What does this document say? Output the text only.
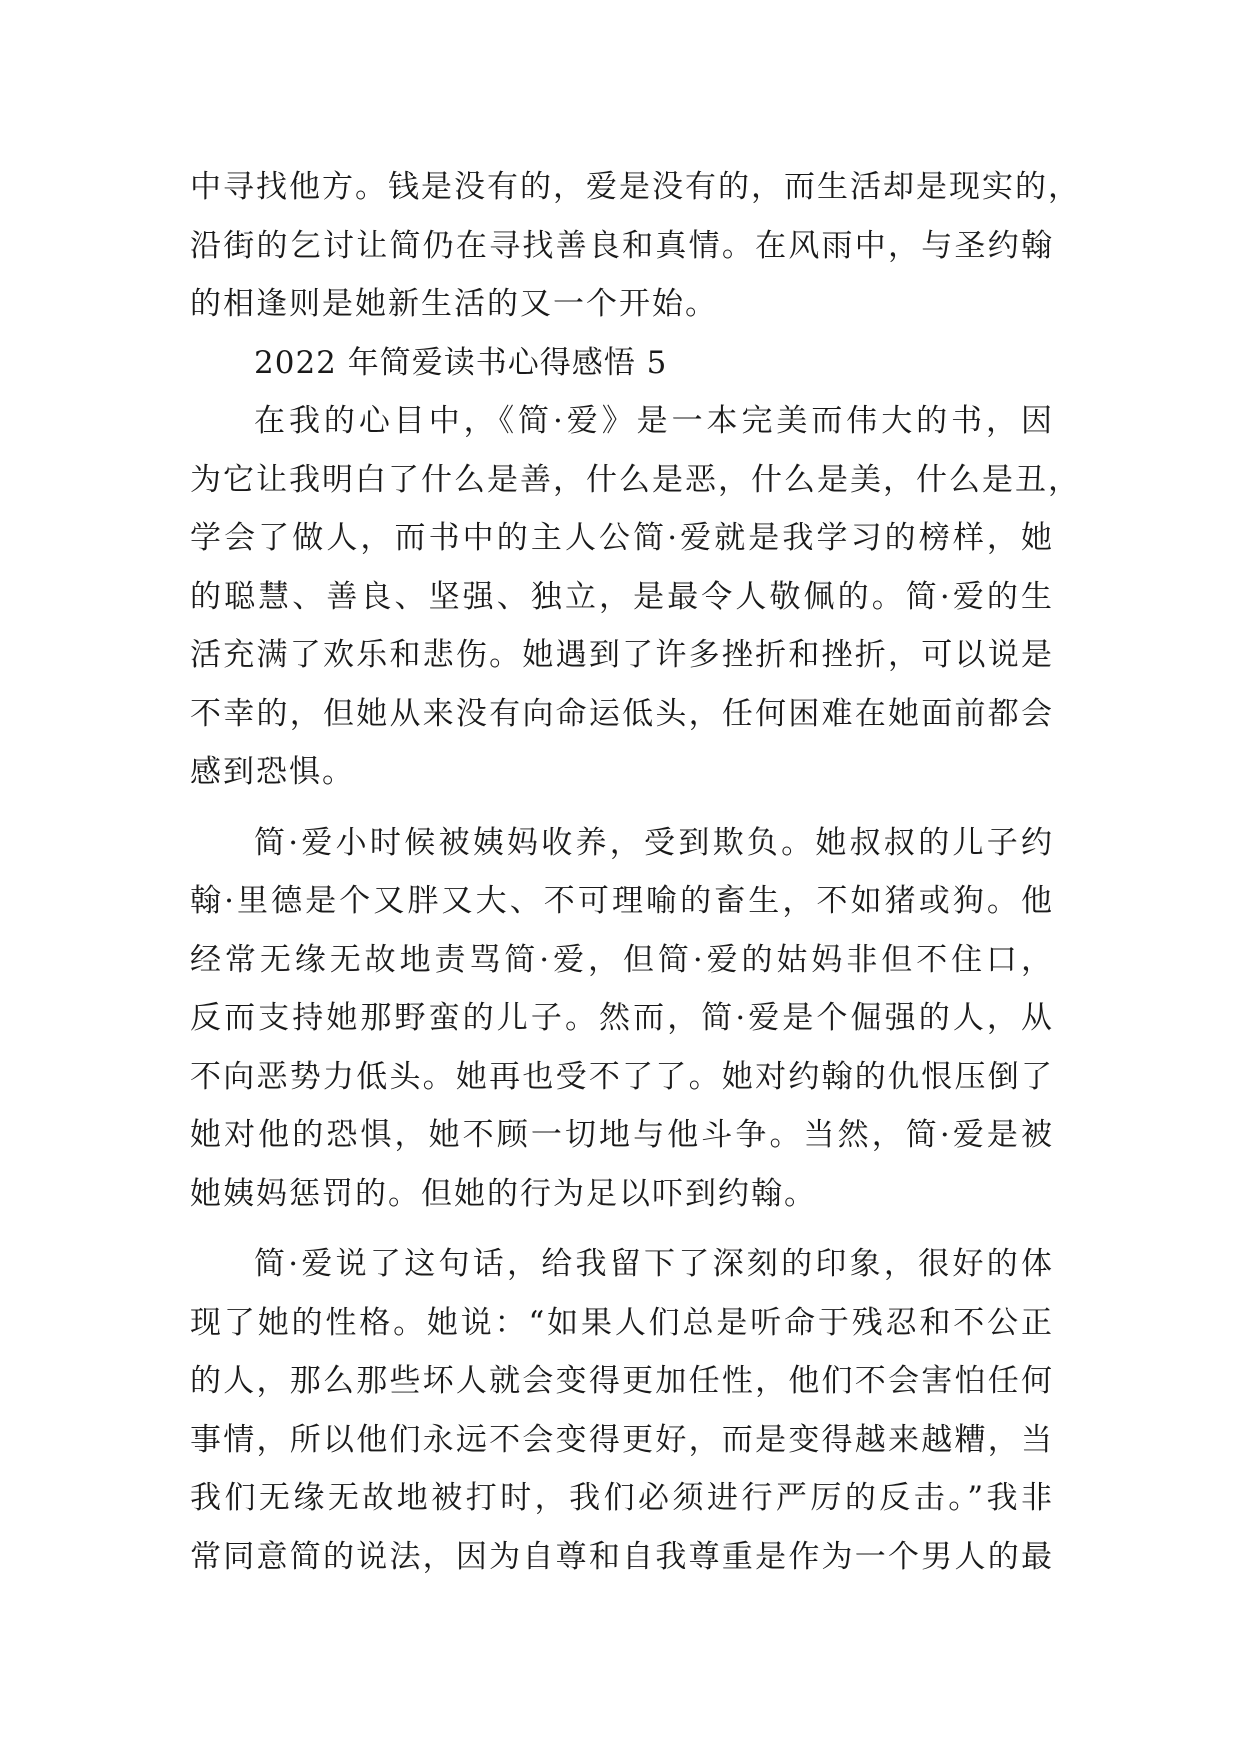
中寻找他方。钱是没有的，爱是没有的，而生活却是现实的，
沿街的乞讨让简仍在寻找善良和真情。在风雨中，与圣约翰
的相逢则是她新生活的又一个开始。
2022 年简爱读书心得感悟 5
在我的心目中，《简·爱》是一本完美而伟大的书，因
为它让我明白了什么是善，什么是恶，什么是美，什么是丑，
学会了做人，而书中的主人公简·爱就是我学习的榜样，她
的聪慧、善良、坚强、独立，是最令人敬佩的。简·爱的生
活充满了欢乐和悲伤。她遇到了许多挫折和挫折，可以说是
不幸的，但她从来没有向命运低头，任何困难在她面前都会
感到恐惧。
简·爱小时候被姨妈收养，受到欺负。她叔叔的儿子约
翰·里德是个又胖又大、不可理喻的畜生，不如猪或狗。他
经常无缘无故地责骂简·爱，但简·爱的姑妈非但不住口，
反而支持她那野蛮的儿子。然而，简·爱是个倔强的人，从
不向恶势力低头。她再也受不了了。她对约翰的仇恨压倒了
她对他的恐惧，她不顾一切地与他斗争。当然，简·爱是被
她姨妈惩罚的。但她的行为足以吓到约翰。
简·爱说了这句话，给我留下了深刻的印象，很好的体
现了她的性格。她说：“如果人们总是听命于残忍和不公正
的人，那么那些坏人就会变得更加任性，他们不会害怕任何
事情，所以他们永远不会变得更好，而是变得越来越糟，当
我们无缘无故地被打时，我们必须进行严厉的反击。”我非
常同意简的说法，因为自尊和自我尊重是作为一个男人的最
